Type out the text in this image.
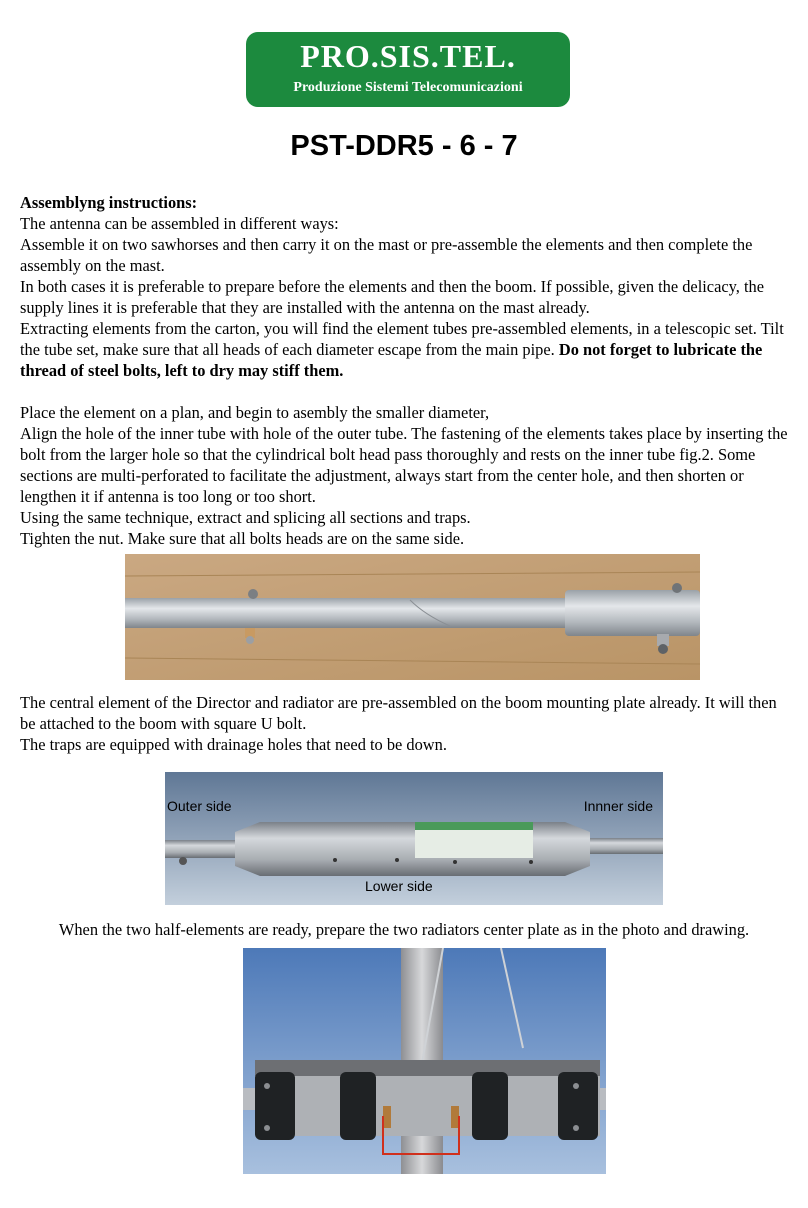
PRO.SIS.TEL.
Produzione Sistemi Telecomunicazioni
PST-DDR5 - 6 - 7

Assemblyng instructions:

The antenna can be assembled in different ways:

Assemble it on two sawhorses and then carry it on the mast or pre-assemble the elements and then complete the assembly on the mast.

In both cases it is preferable to prepare before the elements and then the boom. If possible, given the delicacy, the supply lines it is preferable that they are installed with the antenna on the mast already.

Extracting elements from the carton, you will find the element tubes pre-assembled elements, in a telescopic set. Tilt the tube set, make sure that all heads of each diameter escape from the main pipe. Do not forget to lubricate the thread of steel bolts, left to dry may stiff them.

Place the element on a plan, and begin to asembly the smaller diameter,

Align the hole of the inner tube with hole of the outer tube. The fastening of the elements takes place by inserting the bolt from the larger hole so that the cylindrical bolt head pass thoroughly and rests on the inner tube fig.2. Some sections are multi-perforated to facilitate the adjustment, always start from the center hole, and then shorten or lengthen it if antenna is too long or too short.

Using the same technique, extract and splicing all sections and traps.

Tighten the nut. Make sure that all bolts heads are on the same side.

The central element of the Director and radiator are pre-assembled on the boom mounting plate already. It will then be attached to the boom with square U bolt.

The traps are equipped with drainage holes that need to be down.

Outer side	Innner side
Lower side
When the two half-elements are ready, prepare the two radiators center plate as in the photo and drawing.
